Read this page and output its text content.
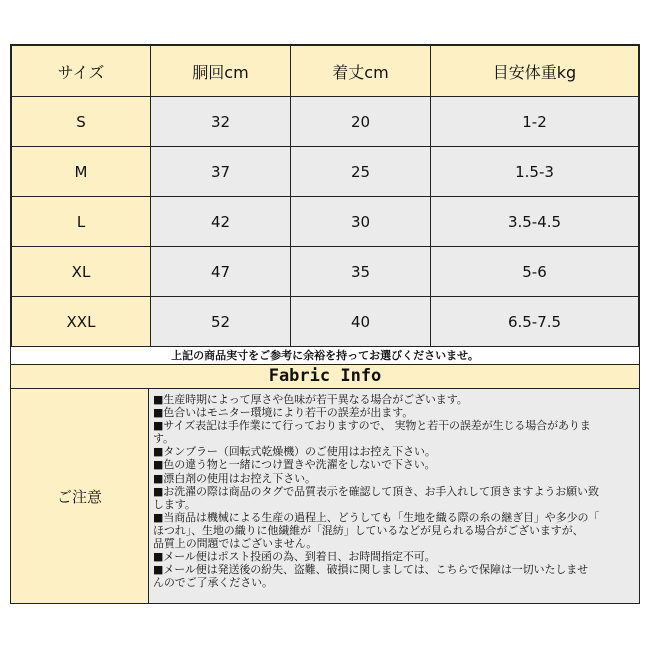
サイズ	胴回cm	着丈cm	目安体重kg
S	32	20	1-2
M	37	25	1.5-3
L	42	30	3.5-4.5
XL	47	35	5-6
XXL	52	40	6.5-7.5
上記の商品実寸をご参考に余裕を持ってお選びくださいませ。
Fabric Info
ご注意

■生産時期によって厚さや色味が若干異なる場合がございます。

■色合いはモニター環境により若干の誤差が出ます。

■サイズ表記は手作業にて行っておりますので、 実物と若干の誤差が生じる場合がありま

す。

■タンブラー（回転式乾燥機）のご使用はお控え下さい。

■色の違う物と一緒につけ置きや洗濯をしないで下さい。

■漂白剤の使用はお控え下さい。

■お洗濯の際は商品のタグで品質表示を確認して頂き、お手入れして頂きますようお願い致

します。

■当商品は機械による生産の過程上、どうしても「生地を織る際の糸の継ぎ目」や多少の「

ほつれ」、生地の織りに他繊維が「混紡」しているなどが見られる場合がございますが、

品質上の問題ではございません。

■メール便はポスト投函の為、到着日、お時間指定不可。

■メール便は発送後の紛失、盗難、破損に関しましては、こちらで保障は一切いたしませ

んのでご了承ください。
